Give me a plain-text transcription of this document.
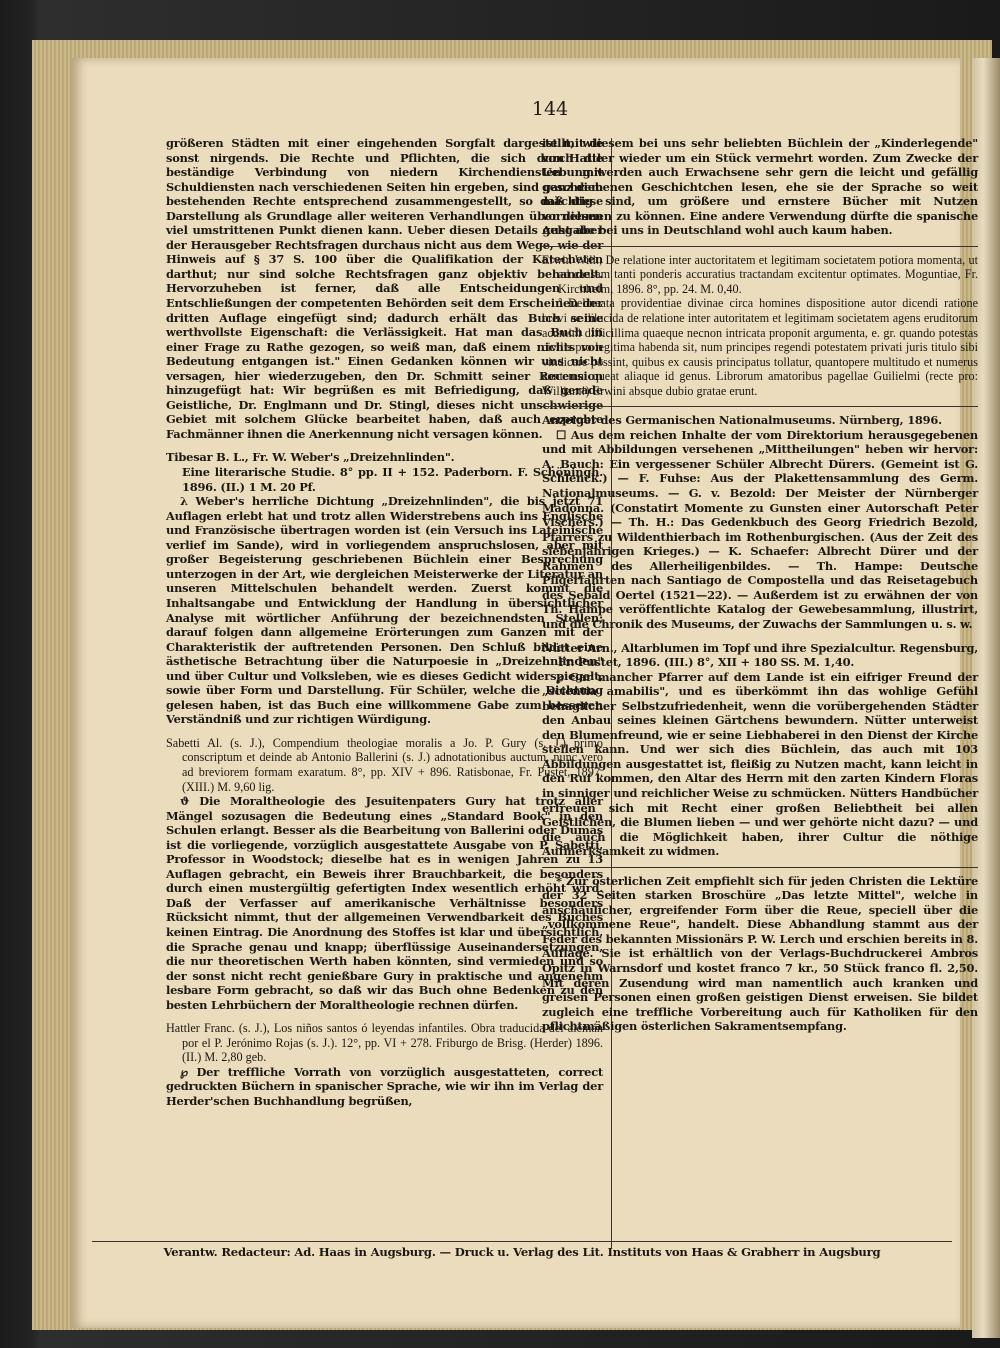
144

größeren Städten mit einer eingehenden Sorgfalt dargestellt, wie sonst nirgends. Die Rechte und Pflichten, die sich durch die beständige Verbindung von niedern Kirchendiensten mit Schuldiensten nach verschiedenen Seiten hin ergeben, sind ganz dem bestehenden Rechte entsprechend zusammengestellt, so daß diese Darstellung als Grundlage aller weiteren Verhandlungen über diesen viel umstrittenen Punkt dienen kann. Ueber diesen Details geht aber der Herausgeber Rechtsfragen durchaus nicht aus dem Wege, wie der Hinweis auf § 37 S. 100 über die Qualifikation der Katecheten darthut; nur sind solche Rechtsfragen ganz objektiv behandelt. Hervorzuheben ist ferner, daß alle Entscheidungen und Entschließungen der competenten Behörden seit dem Erscheinen der dritten Auflage eingefügt sind; dadurch erhält das Buch seine werthvollste Eigenschaft: die Verlässigkeit. Hat man das Buch in einer Frage zu Rathe gezogen, so weiß man, daß einem nichts von Bedeutung entgangen ist." Einen Gedanken können wir uns nicht versagen, hier wiederzugeben, den Dr. Schmitt seiner Recension hinzugefügt hat: Wir begrüßen es mit Befriedigung, daß gerade Geistliche, Dr. Englmann und Dr. Stingl, dieses nicht unschwierige Gebiet mit solchem Glücke bearbeitet haben, daß auch erprobte Fachmänner ihnen die Anerkennung nicht versagen können.

Tibesar B. L., Fr. W. Weber's „Dreizehnlinden".

Eine literarische Studie. 8° pp. II + 152. Paderborn. F. Schöningh. 1896. (II.) 1 M. 20 Pf.

λ Weber's herrliche Dichtung „Dreizehnlinden", die bis jetzt 71 Auflagen erlebt hat und trotz allen Widerstrebens auch ins Englische und Französische übertragen worden ist (ein Versuch ins Lateinische verlief im Sande), wird in vorliegendem anspruchslosen, aber mit großer Begeisterung geschriebenen Büchlein einer Besprechung unterzogen in der Art, wie dergleichen Meisterwerke der Literatur an unseren Mittelschulen behandelt werden. Zuerst kommt die Inhaltsangabe und Entwicklung der Handlung in übersichtlicher Analyse mit wörtlicher Anführung der bezeichnendsten Stellen; darauf folgen dann allgemeine Erörterungen zum Ganzen mit der Charakteristik der auftretenden Personen. Den Schluß bildet eine ästhetische Betrachtung über die Naturpoesie in „Dreizehnlinden" und über Cultur und Volksleben, wie es dieses Gedicht widerspiegelt, sowie über Form und Darstellung. Für Schüler, welche die Dichtung gelesen haben, ist das Buch eine willkommene Gabe zum besseren Verständniß und zur richtigen Würdigung.

Sabetti Al. (s. J.), Compendium theologiae moralis a Jo. P. Gury (s. J.) primo conscriptum et deinde ab Antonio Ballerini (s. J.) adnotationibus auctum, nunc vero ad breviorem formam exaratum. 8°, pp. XIV + 896. Ratisbonae, Fr. Pustet, 1897. (XIII.) M. 9,60 lig.

ϑ Die Moraltheologie des Jesuitenpaters Gury hat trotz aller Mängel sozusagen die Bedeutung eines „Standard Book" in den Schulen erlangt. Besser als die Bearbeitung von Ballerini oder Dumas ist die vorliegende, vorzüglich ausgestattete Ausgabe von P. Sabetti, Professor in Woodstock; dieselbe hat es in wenigen Jahren zu 13 Auflagen gebracht, ein Beweis ihrer Brauchbarkeit, die besonders durch einen mustergültig gefertigten Index wesentlich erhöht wird. Daß der Verfasser auf amerikanische Verhältnisse besonders Rücksicht nimmt, thut der allgemeinen Verwendbarkeit des Buches keinen Eintrag. Die Anordnung des Stoffes ist klar und übersichtlich, die Sprache genau und knapp; überflüssige Auseinandersetzungen, die nur theoretischen Werth haben könnten, sind vermieden und so der sonst nicht recht genießbare Gury in praktische und angenehm lesbare Form gebracht, so daß wir das Buch ohne Bedenken zu den besten Lehrbüchern der Moraltheologie rechnen dürfen.

Hattler Franc. (s. J.), Los niños santos ó leyendas infantiles. Obra traducida del alemán por el P. Jerónimo Rojas (s. J.). 12°, pp. VI + 278. Friburgo de Brisg. (Herder) 1896. (II.) M. 2,80 geb.

℘ Der treffliche Vorrath von vorzüglich ausgestatteten, correct gedruckten Büchern in spanischer Sprache, wie wir ihn im Verlag der Herder'schen Buchhandlung begrüßen,

ist mit diesem bei uns sehr beliebten Büchlein der „Kinderlegende" von Hattler wieder um ein Stück vermehrt worden. Zum Zwecke der Uebung werden auch Erwachsene sehr gern die leicht und gefällig geschriebenen Geschichtchen lesen, ehe sie der Sprache so weit mächtig sind, um größere und ernstere Bücher mit Nutzen vornehmen zu können. Eine andere Verwendung dürfte die spanische Ausgabe bei uns in Deutschland wohl auch kaum haben.

Erwin Will., De relatione inter auctoritatem et legitimam societatem potiora momenta, ut ad causam tanti ponderis accuratius tractandam excitentur optimates. Moguntiae, Fr. Kirchheim, 1896. 8°, pp. 24. M. 0,40.

ϑ Delineata providentiae divinae circa homines dispositione autor dicendi ratione brevi ac dilucida de relatione inter autoritatem et legitimam societatem agens eruditorum acumini difficillima quaeque necnon intricata proponit argumenta, e. gr. quando potestas civilis pro legitima habenda sit, num principes regendi potestatem privati juris titulo sibi vindicare possint, quibus ex causis principatus tollatur, quantopere multitudo et numerus contemni queat aliaque id genus. Librorum amatoribus pagellae Guilielmi (recte pro: William!) Erwini absque dubio gratae erunt.

Anzeiger des Germanischen Nationalmuseums. Nürnberg, 1896.

☐ Aus dem reichen Inhalte der vom Direktorium herausgegebenen und mit Abbildungen versehenen „Mittheilungen" heben wir hervor: A. Bauch: Ein vergessener Schüler Albrecht Dürers. (Gemeint ist G. Schlenck.) — F. Fuhse: Aus der Plakettensammlung des Germ. Nationalmuseums. — G. v. Bezold: Der Meister der Nürnberger Madonna. (Constatirt Momente zu Gunsten einer Autorschaft Peter Vischers.) — Th. H.: Das Gedenkbuch des Georg Friedrich Bezold, Pfarrers zu Wildenthierbach im Rothenburgischen. (Aus der Zeit des siebenjährigen Krieges.) — K. Schaefer: Albrecht Dürer und der Rahmen des Allerheiligenbildes. — Th. Hampe: Deutsche Pilgerfahrten nach Santiago de Compostella und das Reisetagebuch des Sebald Oertel (1521—22). — Außerdem ist zu erwähnen der von Th. Hampe veröffentlichte Katalog der Gewebesammlung, illustrirt, und die Chronik des Museums, der Zuwachs der Sammlungen u. s. w.

Nütter Arn., Altarblumen im Topf und ihre Spezialcultur. Regensburg, Fr. Pustet, 1896. (III.) 8°, XII + 180 SS. M. 1,40.

℘ Gar mancher Pfarrer auf dem Lande ist ein eifriger Freund der „scientia amabilis", und es überkömmt ihn das wohlige Gefühl behaglicher Selbstzufriedenheit, wenn die vorübergehenden Städter den Anbau seines kleinen Gärtchens bewundern. Nütter unterweist den Blumenfreund, wie er seine Liebhaberei in den Dienst der Kirche stellen kann. Und wer sich dies Büchlein, das auch mit 103 Abbildungen ausgestattet ist, fleißig zu Nutzen macht, kann leicht in den Ruf kommen, den Altar des Herrn mit den zarten Kindern Floras in sinniger und reichlicher Weise zu schmücken. Nütters Handbücher erfreuen sich mit Recht einer großen Beliebtheit bei allen Geistlichen, die Blumen lieben — und wer gehörte nicht dazu? — und die auch die Möglichkeit haben, ihrer Cultur die nöthige Aufmerksamkeit zu widmen.

* Zur österlichen Zeit empfiehlt sich für jeden Christen die Lektüre der 32 Seiten starken Broschüre „Das letzte Mittel", welche in anschaulicher, ergreifender Form über die Reue, speciell über die „vollkommene Reue", handelt. Diese Abhandlung stammt aus der Feder des bekannten Missionärs P. W. Lerch und erschien bereits in 8. Auflage. Sie ist erhältlich von der Verlags-Buchdruckerei Ambros Opitz in Warnsdorf und kostet franco 7 kr., 50 Stück franco fl. 2,50. Mit deren Zusendung wird man namentlich auch kranken und greisen Personen einen großen geistigen Dienst erweisen. Sie bildet zugleich eine treffliche Vorbereitung auch für Katholiken für den pflichtmäßigen österlichen Sakramentsempfang.

Verantw. Redacteur: Ad. Haas in Augsburg. — Druck u. Verlag des Lit. Instituts von Haas & Grabherr in Augsburg
